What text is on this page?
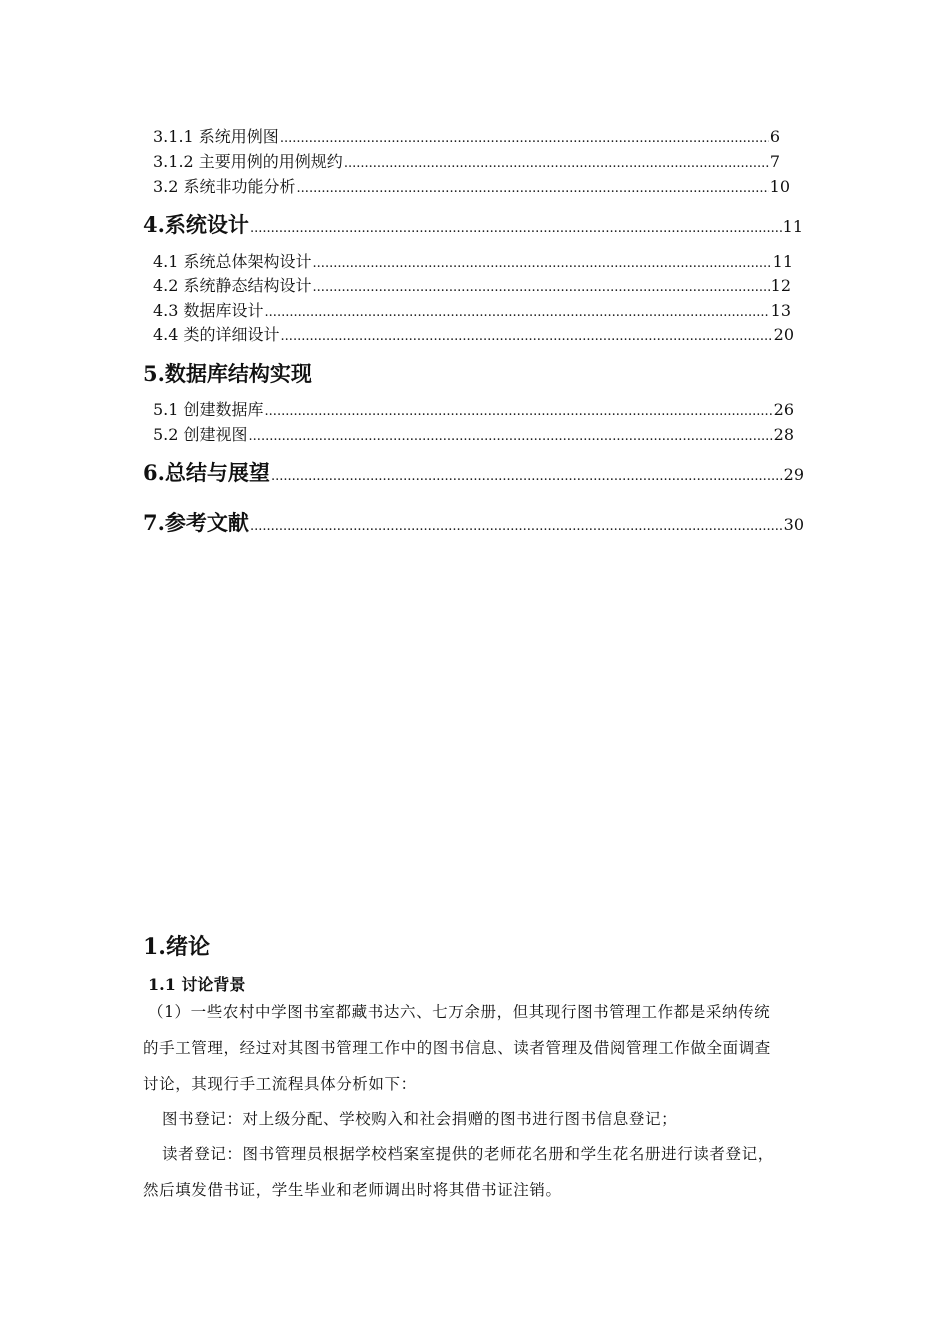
3.1.1 系统用例图 .....	6
3.1.2 主要用例的用例规约 .....	7
3.2 系统非功能分析 .....	10
4.系统设计 .....	11
4.1 系统总体架构设计 .....	11
4.2 系统静态结构设计 .....	12
4.3 数据库设计 .....	13
4.4 类的详细设计 .....	20
5.数据库结构实现
5.1 创建数据库 .....	26
5.2 创建视图 .....	28
6.总结与展望 .....	29
7.参考文献 .....	30
1.绪论
1.1 讨论背景
（1）一些农村中学图书室都藏书达六、七万余册，但其现行图书管理工作都是采纳传统
的手工管理，经过对其图书管理工作中的图书信息、读者管理及借阅管理工作做全面调查
讨论，其现行手工流程具体分析如下：
图书登记：对上级分配、学校购入和社会捐赠的图书进行图书信息登记；
读者登记：图书管理员根据学校档案室提供的老师花名册和学生花名册进行读者登记，
然后填发借书证，学生毕业和老师调出时将其借书证注销。
